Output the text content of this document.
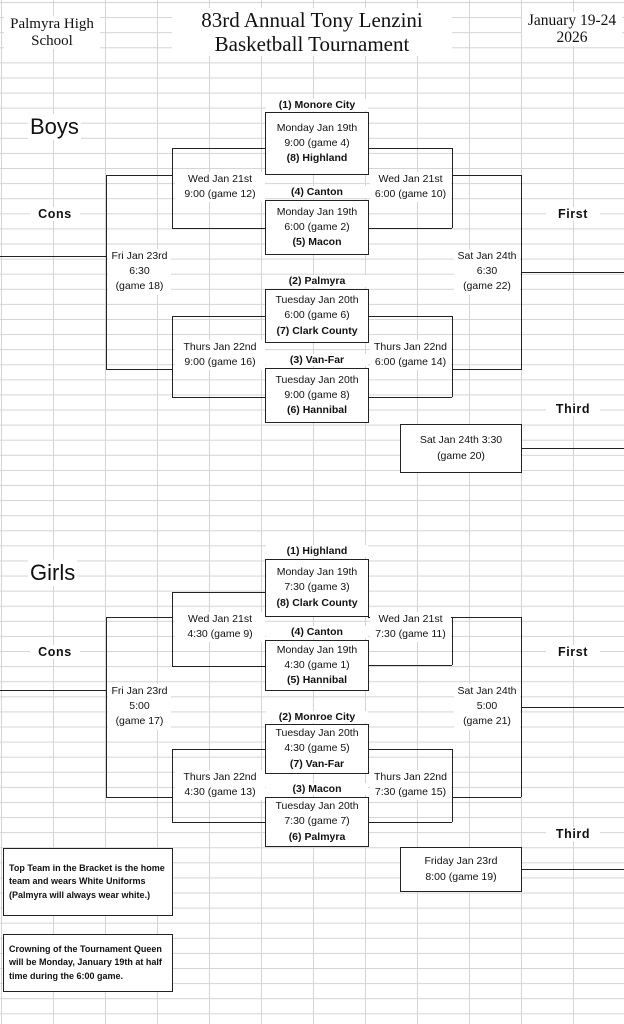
Palmyra High School
83rd Annual Tony Lenzini Basketball Tournament
January 19-24 2026
Boys
Cons	First
Third
(1) Monore City
(4) Canton
(2) Palmyra
(3) Van-Far
Monday Jan 19th
9:00 (game 4)
(8) Highland
Monday Jan 19th
6:00 (game 2)
(5) Macon
Tuesday Jan 20th
6:00 (game 6)
(7) Clark County
Tuesday Jan 20th
9:00 (game 8)
(6) Hannibal
Wed Jan 21st
9:00 (game 12)
Wed Jan 21st
6:00 (game 10)
Thurs Jan 22nd
9:00 (game 16)
Thurs Jan 22nd
6:00 (game 14)
Fri Jan 23rd
6:30
(game 18)
Sat Jan 24th
6:30
(game 22)
Sat Jan 24th 3:30
(game 20)
Girls
Cons	First
Third
(1) Highland
(4) Canton
(2) Monroe City
(3) Macon
Monday Jan 19th
7:30 (game 3)
(8) Clark County
Monday Jan 19th
4:30 (game 1)
(5) Hannibal
Tuesday Jan 20th
4:30 (game 5)
(7) Van-Far
Tuesday Jan 20th
7:30 (game 7)
(6) Palmyra
Wed Jan 21st
4:30 (game 9)
Wed Jan 21st
7:30 (game 11)
Thurs Jan 22nd
4:30 (game 13)
Thurs Jan 22nd
7:30 (game 15)
Fri Jan 23rd
5:00
(game 17)
Sat Jan 24th
5:00
(game 21)
Friday Jan 23rd
8:00 (game 19)
Top Team in the Bracket is the home team and wears White Uniforms (Palmyra will always wear white.)
Crowning of the Tournament Queen will be Monday, January 19th at half time during the 6:00 game.
